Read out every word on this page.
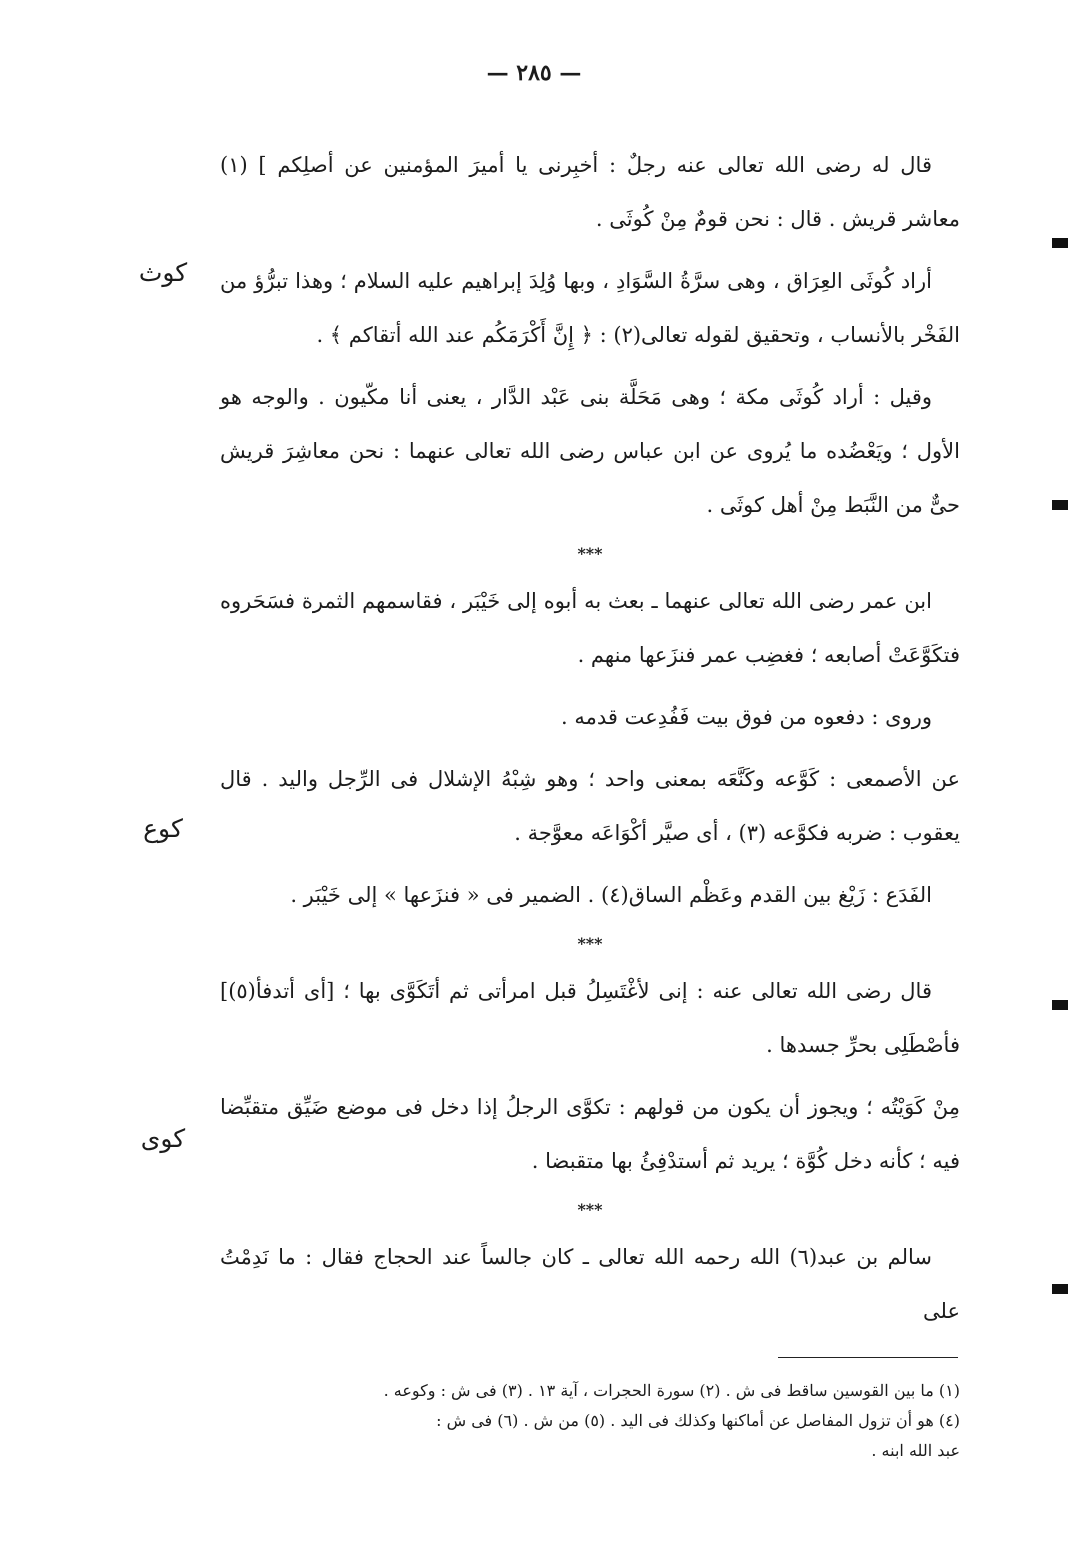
— ٢٨٥ —

قال له رضى الله تعالى عنه رجلٌ : أخبِرنى يا أميرَ المؤمنين عن أصلِكم ] (١) معاشر قريش . قال : نحن قومٌ مِنْ كُوثَى .

أراد كُوثَى العِرَاق ، وهى سرَّةُ السَّوَادِ ، وبها وُلِدَ إبراهيم عليه السلام ؛ وهذا تبرُّؤ من الفَخْر بالأنساب ، وتحقيق لقوله تعالى(٢) : ﴿ إِنَّ أَكْرَمَكُم عند الله أتقاكم ﴾ .

وقيل : أراد كُوثَى مكة ؛ وهى مَحَلَّة بنى عَبْد الدَّار ، يعنى أنا مكّيون . والوجه هو الأول ؛ ويَعْضُده ما يُروى عن ابن عباس رضى الله تعالى عنهما : نحن معاشِرَ قريش حىٌّ من النَّبَط مِنْ أهل كوثَى .

***

ابن عمر رضى الله تعالى عنهما ـ بعث به أبوه إلى خَيْبَر ، فقاسمهم الثمرة فسَحَروه فتكَوَّعَتْ أصابعه ؛ فغضِب عمر فنزَعها منهم .

وروى : دفعوه من فوق بيت فَفُدِعت قدمه .

عن الأصمعى : كَوَّعه وكَنَّعَه بمعنى واحد ؛ وهو شِبْهُ الإشلال فى الرِّجل واليد . قال يعقوب : ضربه فكوَّعه (٣) ، أى صيَّر أكْوَاعَه معوَّجة .

الفَدَع : زَيْغ بين القدم وعَظْم الساق(٤) . الضمير فى « فنزَعها » إلى خَيْبَر .

***

قال رضى الله تعالى عنه : إنى لأغْتَسِلُ قبل امرأتى ثم أتَكَوَّى بها ؛ [أى أتدفأ(٥)] فأصْطَلِى بحرِّ جسدها .

مِنْ كَوَيْتُه ؛ ويجوز أن يكون من قولهم : تكوَّى الرجلُ إذا دخل فى موضع ضَيِّق متقبِّضا فيه ؛ كأنه دخل كُوَّة ؛ يريد ثم أستدْفِئُ بها متقبضا .

***

سالم بن عبد(٦) الله رحمه الله تعالى ـ كان جالساً عند الحجاج فقال : ما نَدِمْتُ على

كوث
كوع
كوى

(١) ما بين القوسين ساقط فى ش . (٢) سورة الحجرات ، آية ١٣ . (٣) فى ش : وكوعه .

(٤) هو أن تزول المفاصل عن أماكنها وكذلك فى اليد . (٥) من ش . (٦) فى ش :

عبد الله ابنه .
